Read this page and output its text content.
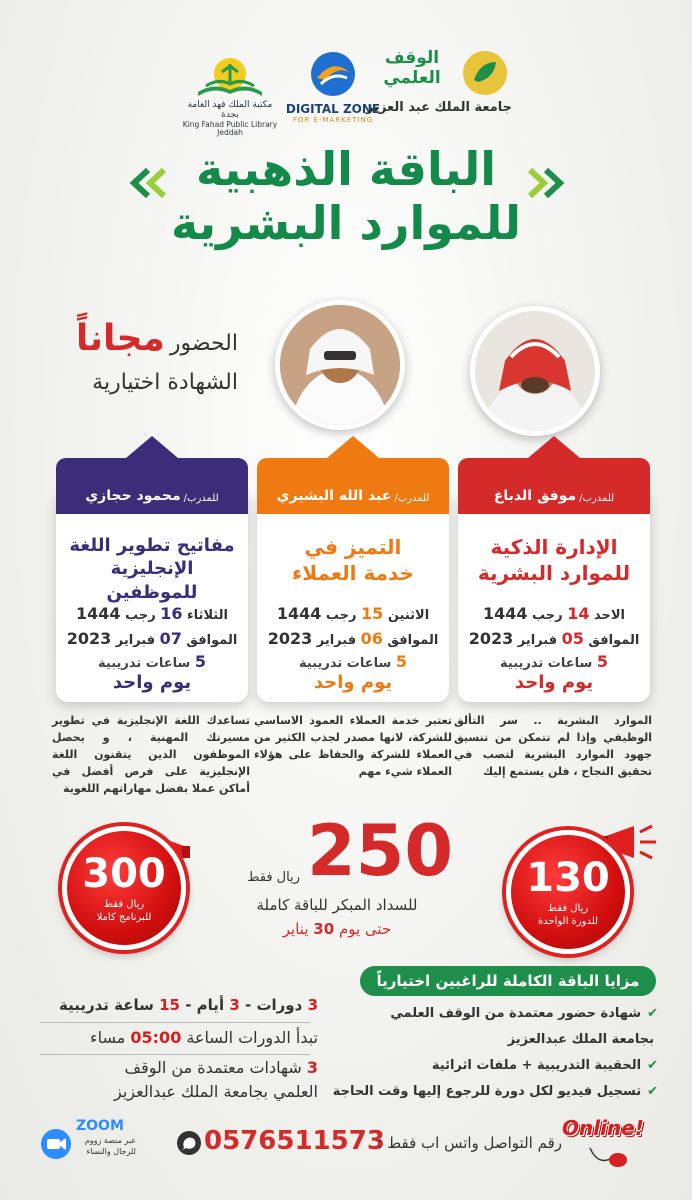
مكتبة الملك فهد العامة بجدة
King Fahad Public Library Jeddah
DIGITAL ZONE
FOR E-MARKETING
الوقف العلمي
جامعة الملك عبد العزيز
الباقة الذهبية
للموارد البشرية
الحضور مجاناً
الشهادة اختيارية
للمدرب/
موفق الدباغ
الإدارة الذكية
للموارد البشرية
الاحد 14 رجب 1444
الموافق 05 فبراير 2023
5 ساعات تدريبية
يوم واحد
للمدرب/
عبد الله البشيري
التميز في
خدمة العملاء
الاثنين 15 رجب 1444
الموافق 06 فبراير 2023
5 ساعات تدريبية
يوم واحد
للمدرب/
محمود حجازي
مفاتيح تطوير اللغة
الإنجليزية للموظفين
الثلاثاء 16 رجب 1444
الموافق 07 فبراير 2023
5 ساعات تدريبية
يوم واحد
الموارد البشرية .. سر التألق الوظيفي وإذا لم تتمكن من تنسيق جهود الموارد البشرية لتصب في تحقيق النجاح ، فلن يستمع إليك
تعتبر خدمة العملاء العمود الاساسي للشركة، لانها مصدر لجذب الكثير من العملاء للشركة والحفاظ على هؤلاء العملاء شيء مهم
تساعدك اللغة الإنجليزية في تطوير مسيرتك المهنية ، و يحصل الموظفون الذين يتقنون اللغة الإنجليزية على فرص أفضل في أماكن عملا بفضل مهاراتهم اللغوية
130
ريال فقط
للدورة الواحدة
300
ريال فقط
للبرنامج كاملا
250
ريال فقط
للسداد المبكر للباقة كاملة
حتى يوم 30 يناير
مزايا الباقة الكاملة للراغبين اختيارياً
✔شهادة حضور معتمدة من الوقف العلمي
بجامعة الملك عبدالعزيز
✔الحقيبة التدريبية + ملفات اثرائية
✔تسجيل فيديو لكل دورة للرجوع إليها وقت الحاجة
3 دورات - 3 أيام - 15 ساعة تدريبية
تبدأ الدورات الساعة 05:00 مساء
3 شهادات معتمدة من الوقف
العلمي بجامعة الملك عبدالعزيز
ZOOM
عبر منصة زووم
للرجال والنساء	0576511573
رقم التواصل واتس اب فقط :
Online!
